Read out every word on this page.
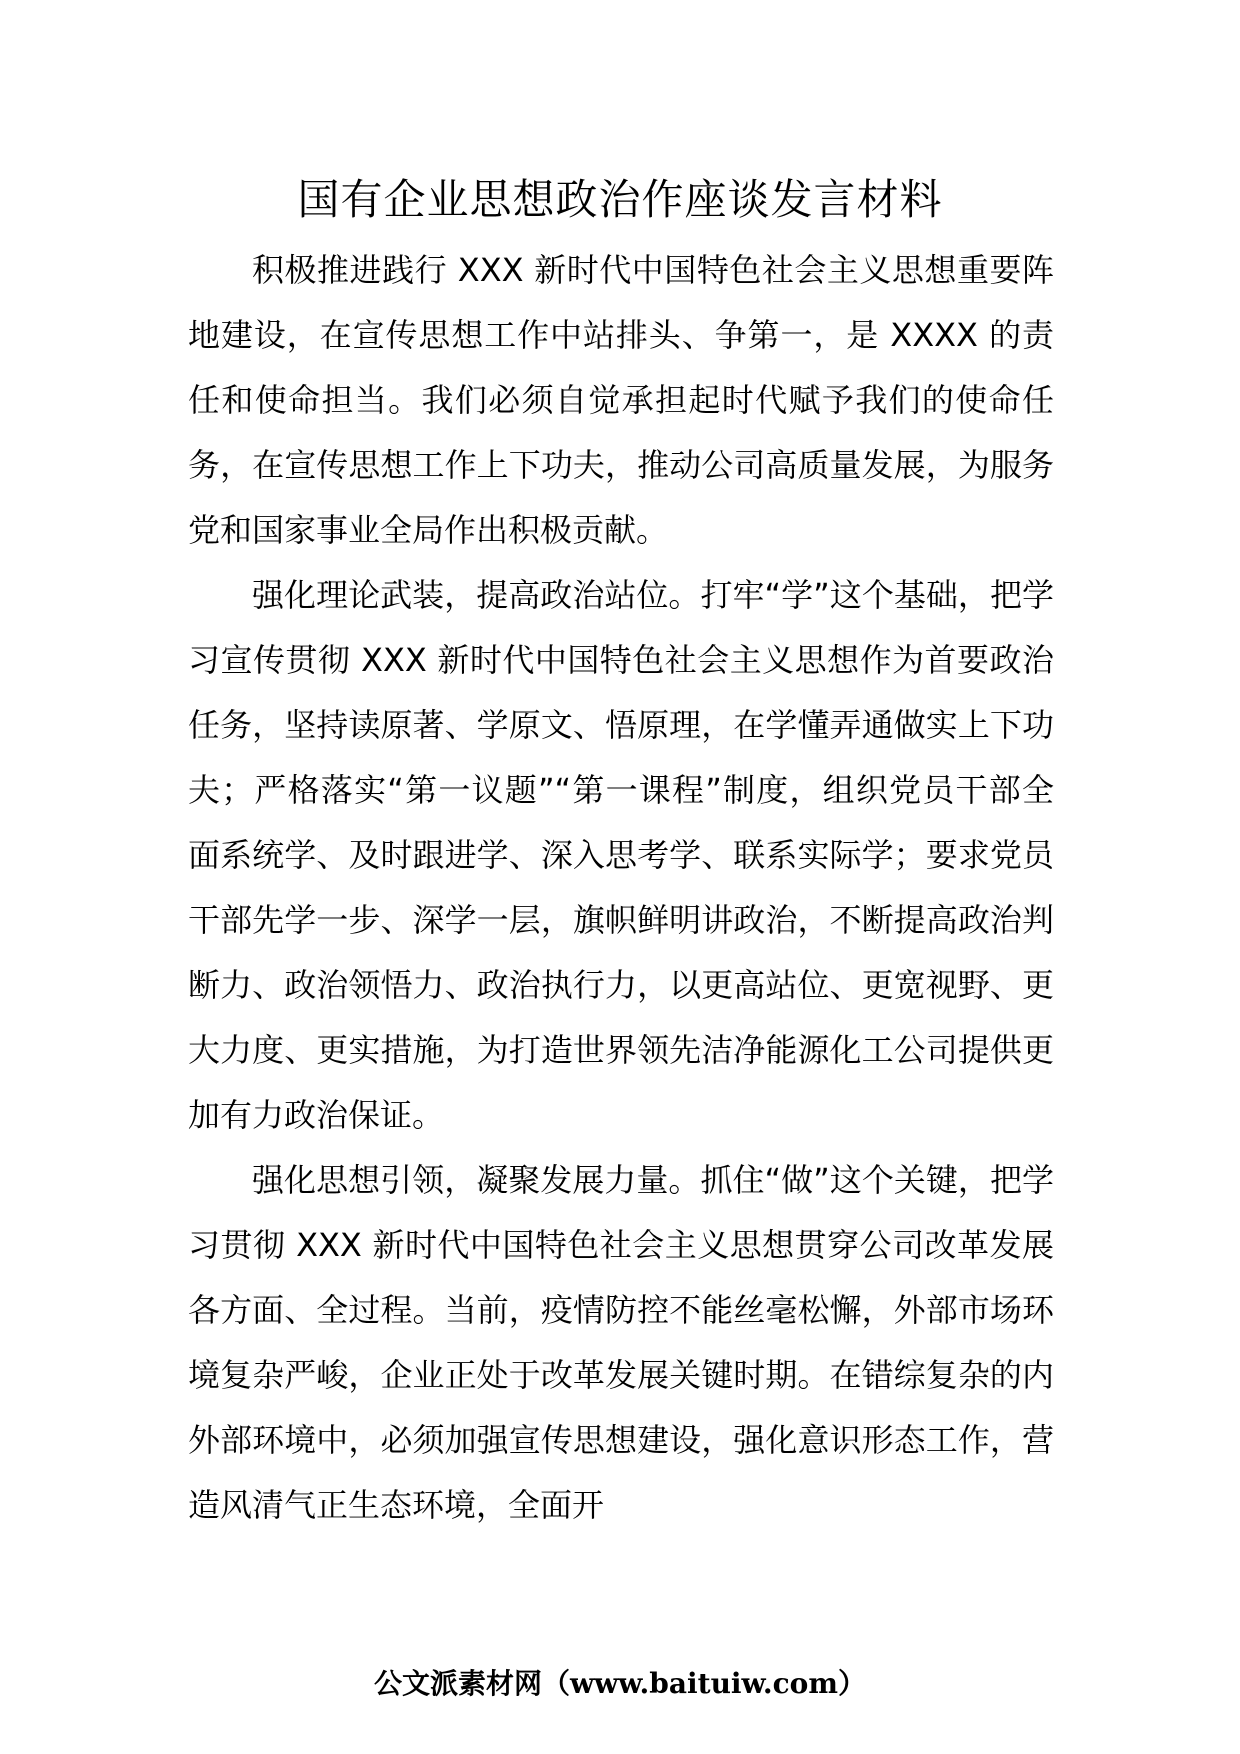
国有企业思想政治作座谈发言材料

积极推进践行 XXX 新时代中国特色社会主义思想重要阵地建设，在宣传思想工作中站排头、争第一，是 XXXX 的责任和使命担当。我们必须自觉承担起时代赋予我们的使命任务，在宣传思想工作上下功夫，推动公司高质量发展，为服务党和国家事业全局作出积极贡献。

强化理论武装，提高政治站位。打牢“学”这个基础，把学习宣传贯彻 XXX 新时代中国特色社会主义思想作为首要政治任务，坚持读原著、学原文、悟原理，在学懂弄通做实上下功夫；严格落实“第一议题”“第一课程”制度，组织党员干部全面系统学、及时跟进学、深入思考学、联系实际学；要求党员干部先学一步、深学一层，旗帜鲜明讲政治，不断提高政治判断力、政治领悟力、政治执行力，以更高站位、更宽视野、更大力度、更实措施，为打造世界领先洁净能源化工公司提供更加有力政治保证。

强化思想引领，凝聚发展力量。抓住“做”这个关键，把学习贯彻 XXX 新时代中国特色社会主义思想贯穿公司改革发展各方面、全过程。当前，疫情防控不能丝毫松懈，外部市场环境复杂严峻，企业正处于改革发展关键时期。在错综复杂的内外部环境中，必须加强宣传思想建设，强化意识形态工作，营造风清气正生态环境，全面开

公文派素材网（www.baituiw.com）
